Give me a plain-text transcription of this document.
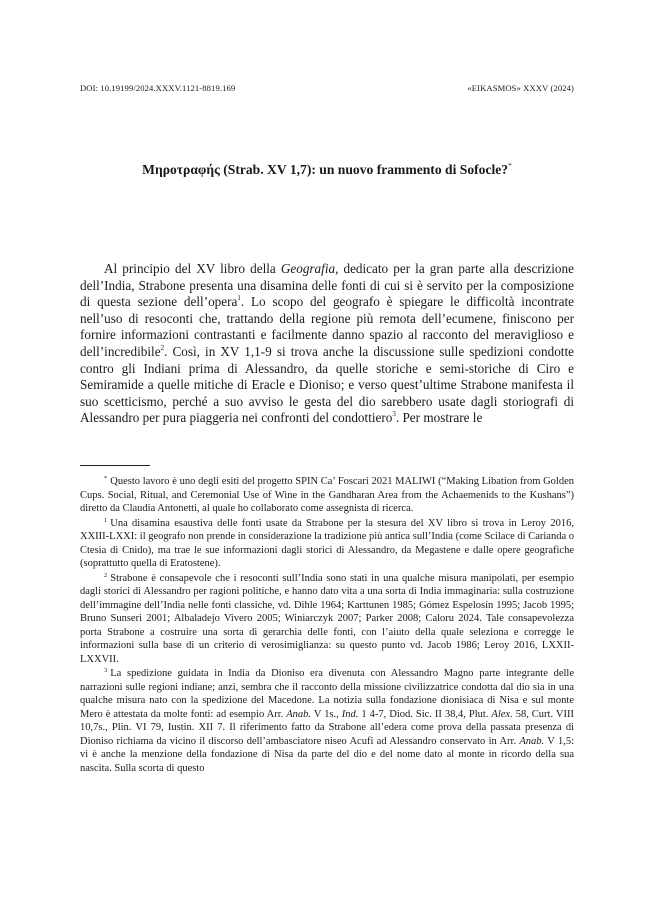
DOI: 10.19199/2024.XXXV.1121-8819.169	«EIKASMOS» XXXV (2024)
Μηροτραφής (Strab. XV 1,7): un nuovo frammento di Sofocle?*

Al principio del XV libro della Geografia, dedicato per la gran parte alla descrizione dell’India, Strabone presenta una disamina delle fonti di cui si è servito per la composizione di questa sezione dell’opera$^1$. Lo scopo del geografo è spiegare le difficoltà incontrate nell’uso di resoconti che, trattando della regione più remota dell’ecumene, finiscono per fornire informazioni contrastanti e facilmente danno spazio al racconto del meraviglioso e dell’incredibile$^2$. Così, in XV 1,1-9 si trova anche la discussione sulle spedizioni condotte contro gli Indiani prima di Alessandro, da quelle storiche e semi-storiche di Ciro e Semiramide a quelle mitiche di Eracle e Dioniso; e verso quest’ultime Strabone manifesta il suo scetticismo, perché a suo avviso le gesta del dio sarebbero usate dagli storiografi di Alessandro per pura piaggeria nei confronti del condottiero$^3$. Per mostrare le

* Questo lavoro è uno degli esiti del progetto SPIN Ca’ Foscari 2021 MALIWI (“Making Libation from Golden Cups. Social, Ritual, and Ceremonial Use of Wine in the Gandharan Area from the Achaemenids to the Kushans”) diretto da Claudia Antonetti, al quale ho collaborato come assegnista di ricerca.

$^1$ Una disamina esaustiva delle fonti usate da Strabone per la stesura del XV libro si trova in Leroy 2016, XXIII-LXXI: il geografo non prende in considerazione la tradizione più antica sull’India (come Scilace di Carianda o Ctesia di Cnido), ma trae le sue informazioni dagli storici di Alessandro, da Megastene e dalle opere geografiche (soprattutto quella di Eratostene).

$^2$ Strabone è consapevole che i resoconti sull’India sono stati in una qualche misura manipolati, per esempio dagli storici di Alessandro per ragioni politiche, e hanno dato vita a una sorta di India immaginaria: sulla costruzione dell’immagine dell’India nelle fonti classiche, vd. Dihle 1964; Karttunen 1985; Gómez Espelosín 1995; Jacob 1995; Bruno Sunseri 2001; Albaladejo Vivero 2005; Winiarczyk 2007; Parker 2008; Caloru 2024. Tale consapevolezza porta Strabone a costruire una sorta di gerarchia delle fonti, con l’aiuto della quale seleziona e corregge le informazioni sulla base di un criterio di verosimiglianza: su questo punto vd. Jacob 1986; Leroy 2016, LXXII-LXXVII.

$^3$ La spedizione guidata in India da Dioniso era divenuta con Alessandro Magno parte integrante delle narrazioni sulle regioni indiane; anzi, sembra che il racconto della missione civilizzatrice condotta dal dio sia in una qualche misura nato con la spedizione del Macedone. La notizia sulla fondazione dionisiaca di Nisa e sul monte Mero è attestata da molte fonti: ad esempio Arr. Anab. V 1s., Ind. 1 4-7, Diod. Sic. II 38,4, Plut. Alex. 58, Curt. VIII 10,7s., Plin. VI 79, Iustin. XII 7. Il riferimento fatto da Strabone all’edera come prova della passata presenza di Dioniso richiama da vicino il discorso dell’ambasciatore niseo Acufi ad Alessandro conservato in Arr. Anab. V 1,5: vi è anche la menzione della fondazione di Nisa da parte del dio e del nome dato al monte in ricordo della sua nascita. Sulla scorta di questo
